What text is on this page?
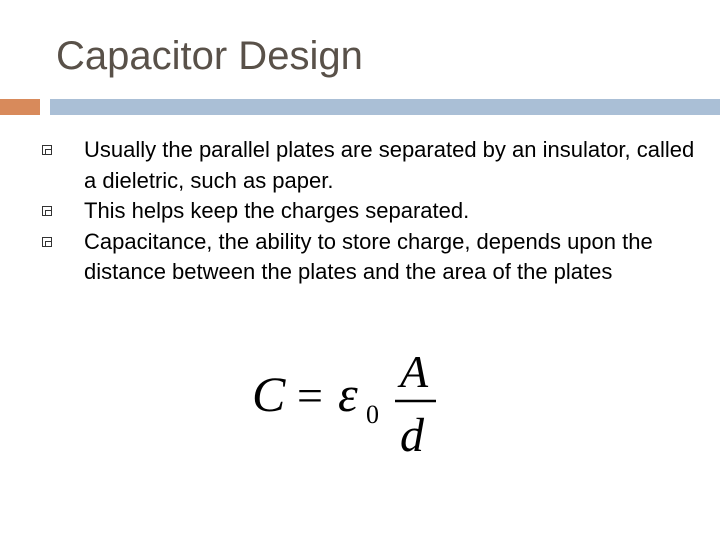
Capacitor Design
Usually the parallel plates are separated by an insulator, called a dieletric, such as paper.
This helps keep the charges separated.
Capacitance, the ability to store charge, depends upon the distance between the plates and the area of the plates
C = ε 0
A
d
